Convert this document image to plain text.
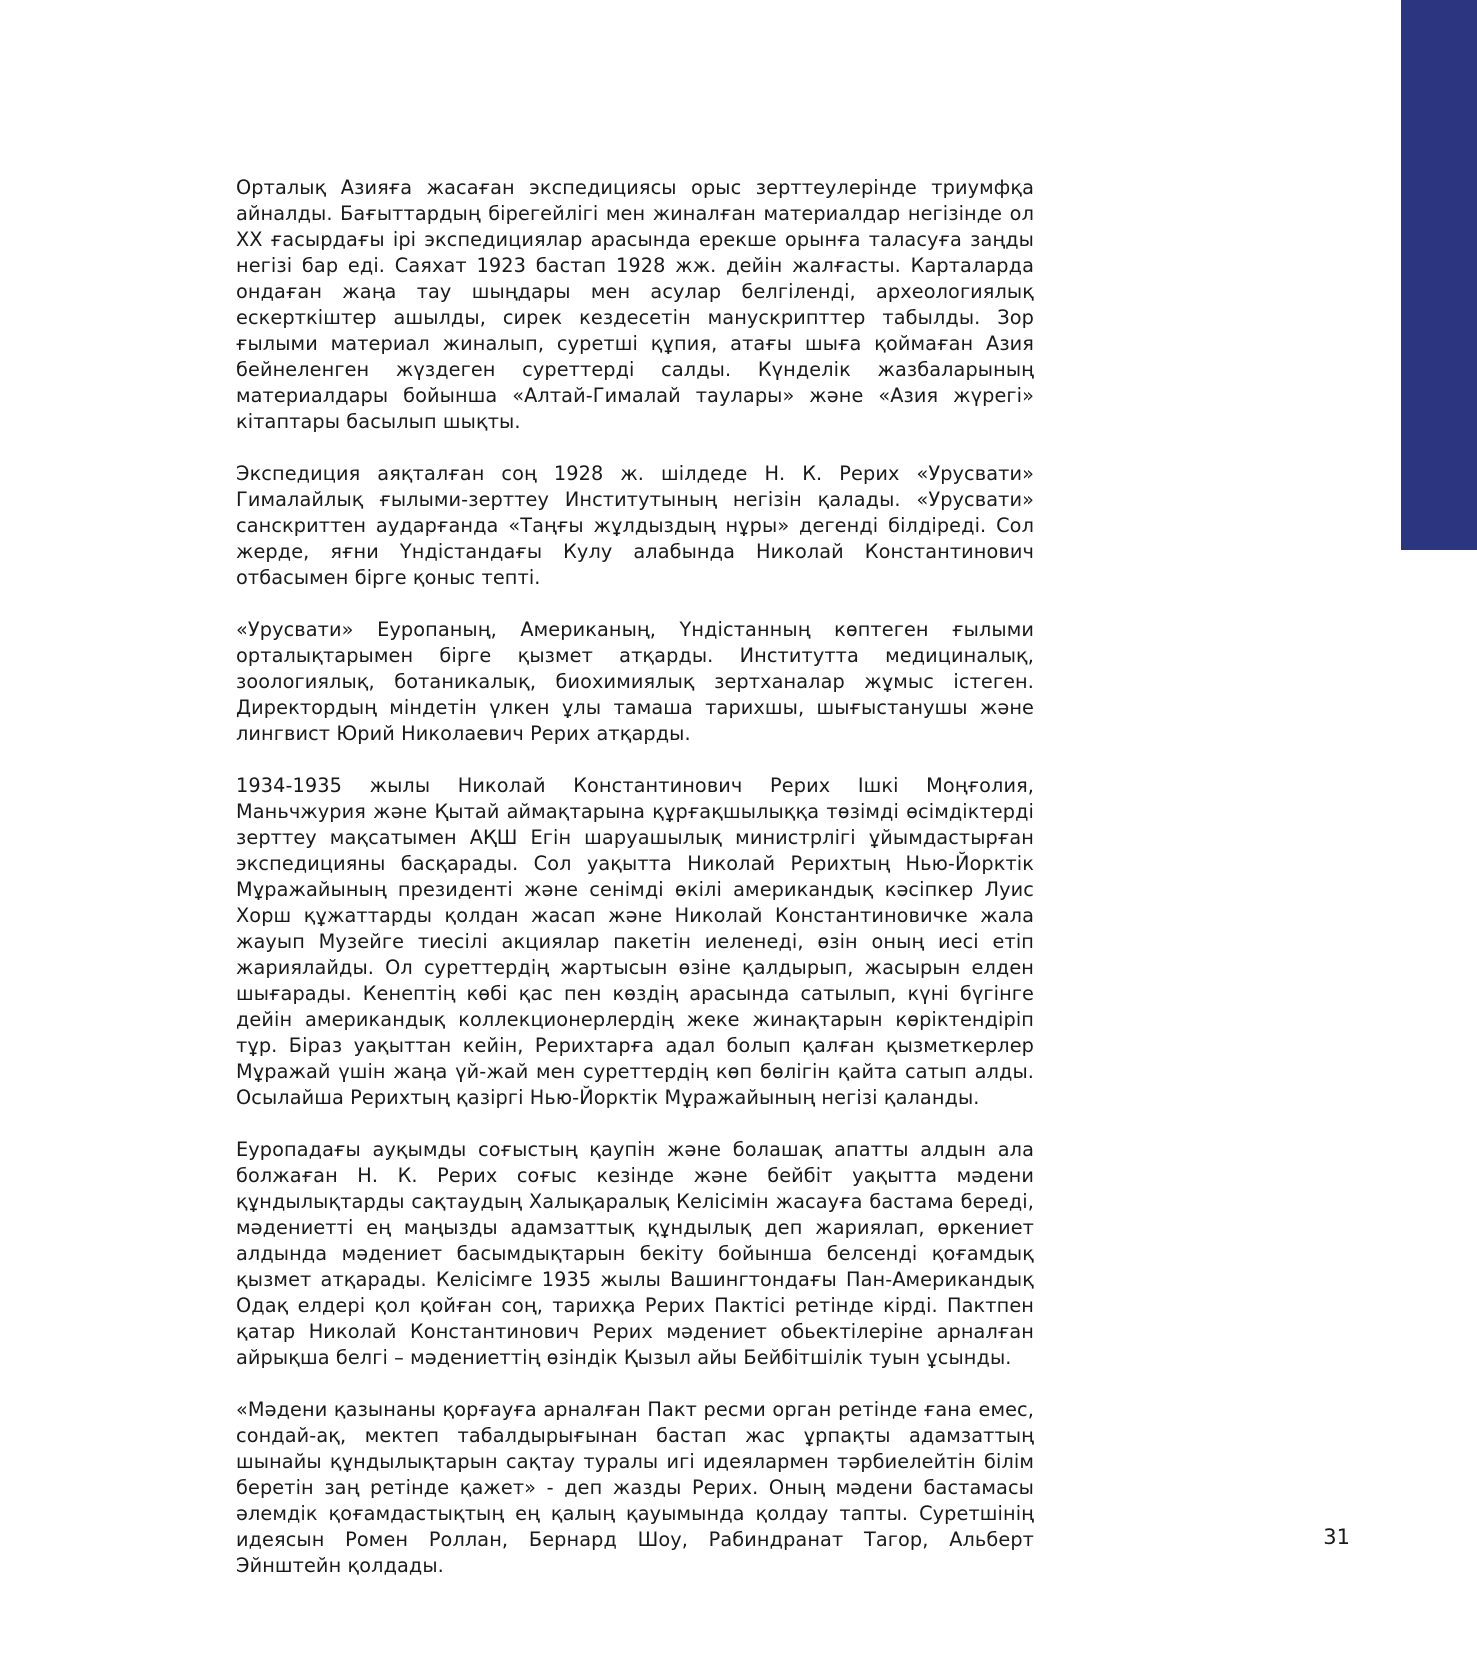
Орталық Азияға жасаған экспедициясы орыс зерттеулерінде триумфқа айналды. Бағыттардың бірегейлігі мен жиналған материалдар негізінде ол ХХ ғасырдағы ірі экспедициялар арасында ерекше орынға таласуға заңды негізі бар еді. Саяхат 1923 бастап 1928 жж. дейін жалғасты. Карталарда ондаған жаңа тау шыңдары мен асулар белгіленді, археологиялық ескерткіштер ашылды, сирек кездесетін манускрипттер табылды. Зор ғылыми материал жиналып, суретші құпия, атағы шыға қоймаған Азия бейнеленген жүздеген суреттерді салды. Күнделік жазбаларының материалдары бойынша «Алтай-Гималай таулары» және «Азия жүрегі» кітаптары басылып шықты.

Экспедиция аяқталған соң 1928 ж. шілдеде Н. К. Рерих «Урусвати» Гималайлық ғылыми-зерттеу Институтының негізін қалады. «Урусвати» санскриттен аударғанда «Таңғы жұлдыздың нұры» дегенді білдіреді. Сол жерде, яғни Үндістандағы Кулу алабында Николай Константинович отбасымен бірге қоныс тепті.

«Урусвати» Еуропаның, Американың, Үндістанның көптеген ғылыми орталықтарымен бірге қызмет атқарды. Институтта медициналық, зоологиялық, ботаникалық, биохимиялық зертханалар жұмыс істеген. Директордың міндетін үлкен ұлы тамаша тарихшы, шығыстанушы және лингвист Юрий Николаевич Рерих атқарды.

1934-1935 жылы Николай Константинович Рерих Ішкі Моңғолия, Маньчжурия және Қытай аймақтарына құрғақшылыққа төзімді өсімдіктерді зерттеу мақсатымен АҚШ Егін шаруашылық министрлігі ұйымдастырған экспедицияны басқарады. Сол уақытта Николай Рерихтың Нью-Йорктік Мұражайының президенті және сенімді өкілі американдық кәсіпкер Луис Хорш құжаттарды қолдан жасап және Николай Константиновичке жала жауып Музейге тиесілі акциялар пакетін иеленеді, өзін оның иесі етіп жариялайды. Ол суреттердің жартысын өзіне қалдырып, жасырын елден шығарады. Кенептің көбі қас пен көздің арасында сатылып, күні бүгінге дейін американдық коллекционерлердің жеке жинақтарын көріктендіріп тұр. Біраз уақыттан кейін, Рерихтарға адал болып қалған қызметкерлер Мұражай үшін жаңа үй-жай мен суреттердің көп бөлігін қайта сатып алды. Осылайша Рерихтың қазіргі Нью-Йорктік Мұражайының негізі қаланды.

Еуропадағы ауқымды соғыстың қаупін және болашақ апатты алдын ала болжаған Н. К. Рерих соғыс кезінде және бейбіт уақытта мәдени құндылықтарды сақтаудың Халықаралық Келісімін жасауға бастама береді, мәдениетті ең маңызды адамзаттық құндылық деп жариялап, өркениет алдында мәдениет басымдықтарын бекіту бойынша белсенді қоғамдық қызмет атқарады. Келісімге 1935 жылы Вашингтондағы Пан-Американдық Одақ елдері қол қойған соң, тарихқа Рерих Пактісі ретінде кірді. Пактпен қатар Николай Константинович Рерих мәдениет обьектілеріне арналған айрықша белгі – мәдениеттің өзіндік Қызыл айы Бейбітшілік туын ұсынды.

«Мәдени қазынаны қорғауға арналған Пакт ресми орган ретінде ғана емес, сондай-ақ, мектеп табалдырығынан бастап жас ұрпақты адамзаттың шынайы құндылықтарын сақтау туралы игі идеялармен тәрбиелейтін білім беретін заң ретінде қажет» - деп жазды Рерих. Оның мәдени бастамасы әлемдік қоғамдастықтың ең қалың қауымында қолдау тапты. Суретшінің идеясын Ромен Роллан, Бернард Шоу, Рабиндранат Тагор, Альберт Эйнштейн қолдады.

31
